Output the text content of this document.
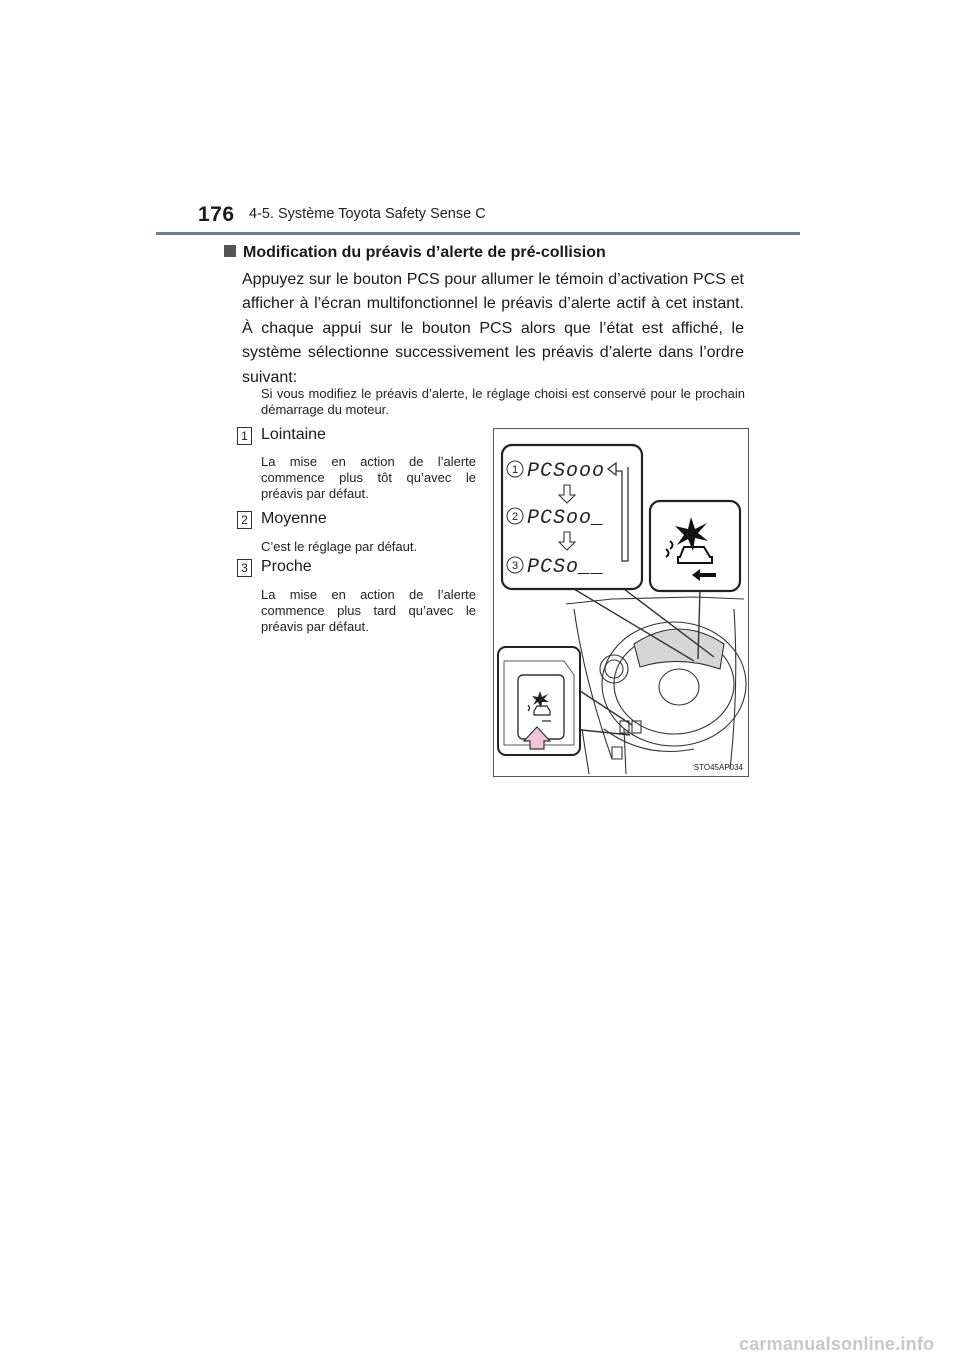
176 4-5. Système Toyota Safety Sense C
Modification du préavis d’alerte de pré-collision

Appuyez sur le bouton PCS pour allumer le témoin d’activation PCS et afficher à l’écran multifonctionnel le préavis d’alerte actif à cet instant. À chaque appui sur le bouton PCS alors que l’état est affiché, le système sélectionne successivement les préavis d’alerte dans l’ordre suivant:

Si vous modifiez le préavis d’alerte, le réglage choisi est conservé pour le prochain démarrage du moteur.

1 Lointaine

La mise en action de l’alerte commence plus tôt qu’avec le préavis par défaut.

2 Moyenne

C’est le réglage par défaut.

3 Proche

La mise en action de l’alerte commence plus tard qu’avec le préavis par défaut.

1 PCSooo
2 PCSoo_
3 PCSo__
STO45AP034
carmanualsonline.info
